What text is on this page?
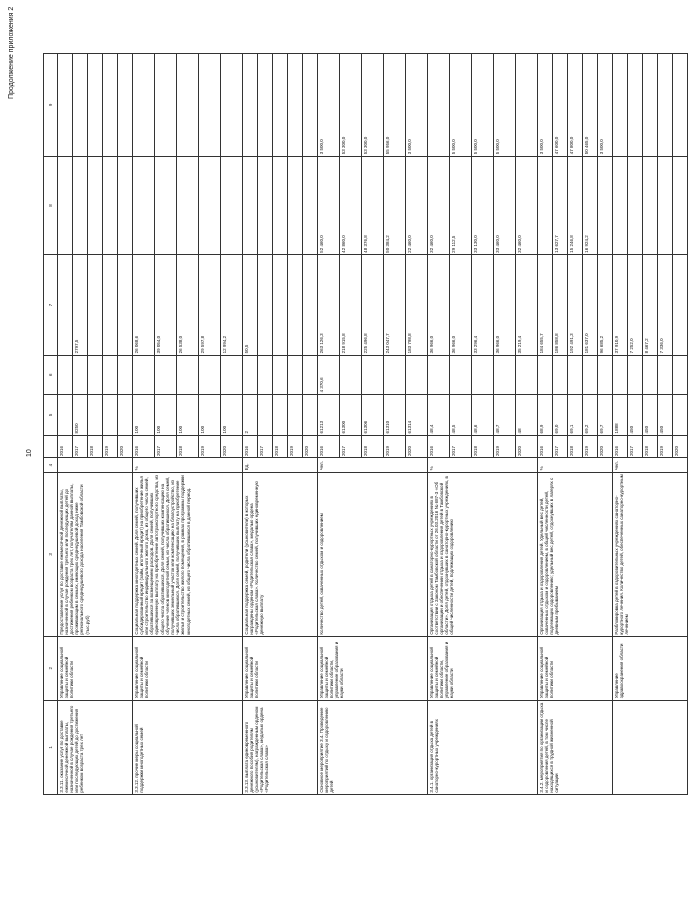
Продолжение приложения 2
10
1	2	3	4		5	6	7	8	9
3.3.11. оказание услуг по доставке ежемесячной денежной выплаты, назначенной в случае рождения третьего или последующих детей до достижения ребенком возраста трех лет	Управление социальной защиты и семейной политики области	Предоставление услуг по доставке ежемесячной денежной выплаты, назначенной в случае рождения третьего или последующих детей до достижения ребенком возраста трех лет, получателям данной выплаты, проживающим в семьях, имеющих среднедушевой доход ниже регионального среднедушевого дохода населения Тамбовской области (тыс.руб)		2016					
				2017	8250		2797,5		
				2018					
				2019					
				2020					
3.3.12. прочие меры социальной поддержки многодетных семей	Управление социальной защиты и семейной политики области	Социальная поддержка многодетных семей. Доля семей, получивших субсидированный кредит (займ, ипотечный кредит) на приобретение жилья или строительство индивидуального жилого дома, из общего числа семей, обратившихся за возмещением расходов. Доля семей, получивших единовременную выплату на приобретение автотранспортного средства, из общего числа обратившихся. Доля семей, получивших компенсацию на обучение членов многодетной семьи, из числа обратившихся. Доля семей, получивших земельный участок или компенсацию на благоустройство, из числа обратившихся. Доля семей, получивших выплату на приобретение жилья и строительство жилого помещения, в рамках программы поддержки многодетных семей, из общего числа обратившихся в данной период.	%	2016	100		26 068,6		
				2017	100		39 054,0		
				2018	100		26 538,0		
				2019	100		29 597,8		
				2020	100		12 994,2		
3.3.13. выплата единовременного денежного пособия родителям (усыновителям), награжденным орденом «Родительская слава», медалью ордена «Родительская слава»	Управление социальной защиты и семейной политики области	Социальная поддержка семей, родители (усыновители) в которых награждены орденом «Родительская слава», медалью ордена «Родительская слава». Количество семей, получивших единовременную денежную выплату	Ед.	2016	2		50,5		
				2017					
				2018					
				2019					
				2020					
Основное мероприятие 3.4. Проведение мероприятий по отдыху и оздоровлению детей	Управление социальной защиты и семейной политики области, управление образования и науки области	Количество детей, охваченных отдыхом и оздоровлением	Чел.	2016	61213	4 370,6	263 126,3	52 460,0	3 500,0
				2017	61300		218 915,8	42 860,0	53 300,0
				2018	61306		225 496,8	48 376,8	53 300,0
				2019	61310		243 047,7	50 384,2	55 956,0
				2020	61314		183 798,8	22 460,0	3 500,0
3.4.1. организация отдыха детей в санаторно-курортных учреждениях	Управление социальной защиты и семейной политики области, управление образования и науки области	Организация отдыха детей в санаторно-курортных учреждениях в соответствии с Законом Тамбовской области от 26.03.2016 № 687-З «Об организации и обеспечении отдыха и оздоровления детей в Тамбовской области». Доля детей, отдохнувших в санаторно-курортных учреждениях, в общей численности детей, подлежащих оздоровлению	%	2016	48,4		36 966,0	32 460,0	
				2017	48,5		36 966,0	29 112,5	5 500,0
				2018	48,6		33 296,4	33 130,0	5 500,0
				2019	48,7		36 966,0	33 460,0	5 500,0
				2020	48		35 219,4	32 460,0	
3.4.2. мероприятия по организации отдыха и оздоровления детей, в том числе находящихся в трудной жизненной ситуации	Управление социальной защиты и семейной политики области	Организация отдыха и оздоровления детей. Удельный вес детей, охваченных отдыхом и оздоровлением, в общей численности детей, подлежащих оздоровлению; удельный вес детей, отдохнувших в лагерях с дневным пребыванием	%	2016	68,9		184 655,7		3 500,0
				2017	69,0		186 858,8	13 627,7	47 600,0
				2018	69,1		192 491,3	15 246,8	47 800,0
				2019	69,2		181 637,0	16 924,2	50 465,0
				2020	69,7		96 685,2		3 500,0
	Управление здравоохранения области	Разблокировка детей в оздоровительных учреждениях санаторно-курортного лечения. Количество детей, обеспеченных санаторно-курортным лечением	Чел.	2016	1888		37 910,9		
				2017	450		7 252,0		
				2018	450		8 467,2		
				2019	450		7 336,0		
				2020					
